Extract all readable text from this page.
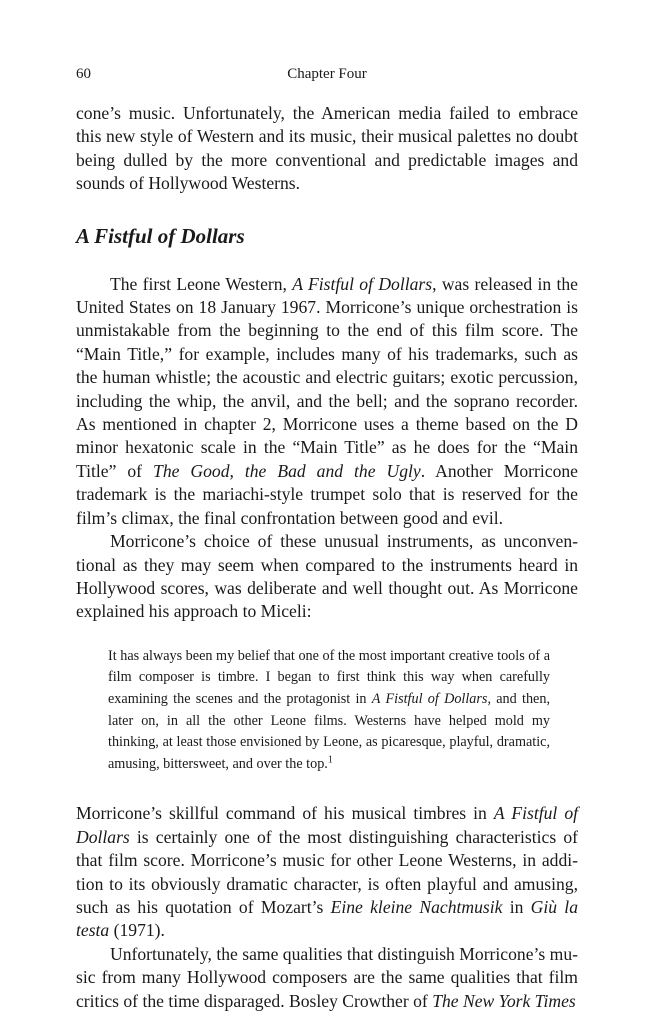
60	Chapter Four

cone’s music. Unfortunately, the American media failed to embrace this new style of Western and its music, their musical palettes no doubt being dulled by the more conventional and predictable images and sounds of Hollywood Westerns.

A Fistful of Dollars

The first Leone Western, A Fistful of Dollars, was released in the United States on 18 January 1967. Morricone’s unique orchestration is unmistakable from the beginning to the end of this film score. The “Main Title,” for example, includes many of his trademarks, such as the human whistle; the acoustic and electric guitars; exotic percussion, including the whip, the anvil, and the bell; and the soprano recorder. As mentioned in chapter 2, Morricone uses a theme based on the D minor hexatonic scale in the “Main Title” as he does for the “Main Title” of The Good, the Bad and the Ugly. Another Morricone trademark is the mariachi-style trumpet solo that is reserved for the film’s climax, the final confrontation between good and evil.

Morricone’s choice of these unusual instruments, as unconven-tional as they may seem when compared to the instruments heard in Hollywood scores, was deliberate and well thought out. As Morricone explained his approach to Miceli:

It has always been my belief that one of the most important creative tools of a film composer is timbre. I began to first think this way when carefully examining the scenes and the protagonist in A Fistful of Dollars, and then, later on, in all the other Leone films. Westerns have helped mold my thinking, at least those envisioned by Leone, as picaresque, playful, dramatic, amusing, bittersweet, and over the top.$^1$

Morricone’s skillful command of his musical timbres in A Fistful of Dollars is certainly one of the most distinguishing characteristics of that film score. Morricone’s music for other Leone Westerns, in addi-tion to its obviously dramatic character, is often playful and amusing, such as his quotation of Mozart’s Eine kleine Nachtmusik in Giù la testa (1971).

Unfortunately, the same qualities that distinguish Morricone’s mu-sic from many Hollywood composers are the same qualities that film critics of the time disparaged. Bosley Crowther of The New York Times
